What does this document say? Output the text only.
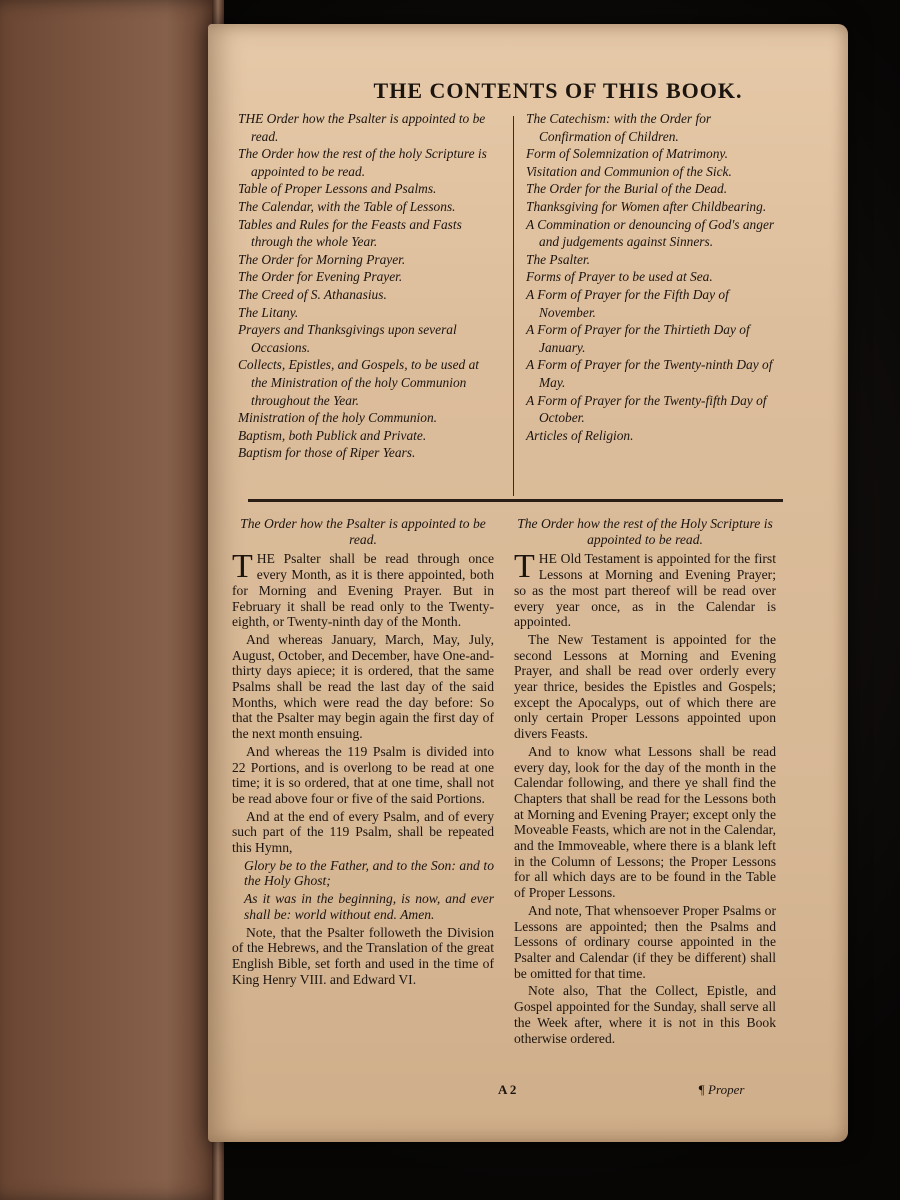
THE CONTENTS OF THIS BOOK.

THE Order how the Psalter is appointed to be read.

The Order how the rest of the holy Scripture is appointed to be read.

Table of Proper Lessons and Psalms.

The Calendar, with the Table of Lessons.

Tables and Rules for the Feasts and Fasts through the whole Year.

The Order for Morning Prayer.

The Order for Evening Prayer.

The Creed of S. Athanasius.

The Litany.

Prayers and Thanksgivings upon several Occasions.

Collects, Epistles, and Gospels, to be used at the Ministration of the holy Communion throughout the Year.

Ministration of the holy Communion.

Baptism, both Publick and Private.

Baptism for those of Riper Years.

The Catechism: with the Order for Confirmation of Children.

Form of Solemnization of Matrimony.

Visitation and Communion of the Sick.

The Order for the Burial of the Dead.

Thanksgiving for Women after Childbearing.

A Commination or denouncing of God's anger and judgements against Sinners.

The Psalter.

Forms of Prayer to be used at Sea.

A Form of Prayer for the Fifth Day of November.

A Form of Prayer for the Thirtieth Day of January.

A Form of Prayer for the Twenty-ninth Day of May.

A Form of Prayer for the Twenty-fifth Day of October.

Articles of Religion.

The Order how the Psalter is appointed to be read.

THE Psalter shall be read through once every Month, as it is there appointed, both for Morning and Evening Prayer. But in February it shall be read only to the Twenty-eighth, or Twenty-ninth day of the Month.

And whereas January, March, May, July, August, October, and December, have One-and-thirty days apiece; it is ordered, that the same Psalms shall be read the last day of the said Months, which were read the day before: So that the Psalter may begin again the first day of the next month ensuing.

And whereas the 119 Psalm is divided into 22 Portions, and is overlong to be read at one time; it is so ordered, that at one time, shall not be read above four or five of the said Portions.

And at the end of every Psalm, and of every such part of the 119 Psalm, shall be repeated this Hymn,

Glory be to the Father, and to the Son: and to the Holy Ghost;

As it was in the beginning, is now, and ever shall be: world without end. Amen.

Note, that the Psalter followeth the Division of the Hebrews, and the Translation of the great English Bible, set forth and used in the time of King Henry VIII. and Edward VI.

The Order how the rest of the Holy Scripture is appointed to be read.

THE Old Testament is appointed for the first Lessons at Morning and Evening Prayer; so as the most part thereof will be read over every year once, as in the Calendar is appointed.

The New Testament is appointed for the second Lessons at Morning and Evening Prayer, and shall be read over orderly every year thrice, besides the Epistles and Gospels; except the Apocalyps, out of which there are only certain Proper Lessons appointed upon divers Feasts.

And to know what Lessons shall be read every day, look for the day of the month in the Calendar following, and there ye shall find the Chapters that shall be read for the Lessons both at Morning and Evening Prayer; except only the Moveable Feasts, which are not in the Calendar, and the Immoveable, where there is a blank left in the Column of Lessons; the Proper Lessons for all which days are to be found in the Table of Proper Lessons.

And note, That whensoever Proper Psalms or Lessons are appointed; then the Psalms and Lessons of ordinary course appointed in the Psalter and Calendar (if they be different) shall be omitted for that time.

Note also, That the Collect, Epistle, and Gospel appointed for the Sunday, shall serve all the Week after, where it is not in this Book otherwise ordered.

A 2	¶ Proper
